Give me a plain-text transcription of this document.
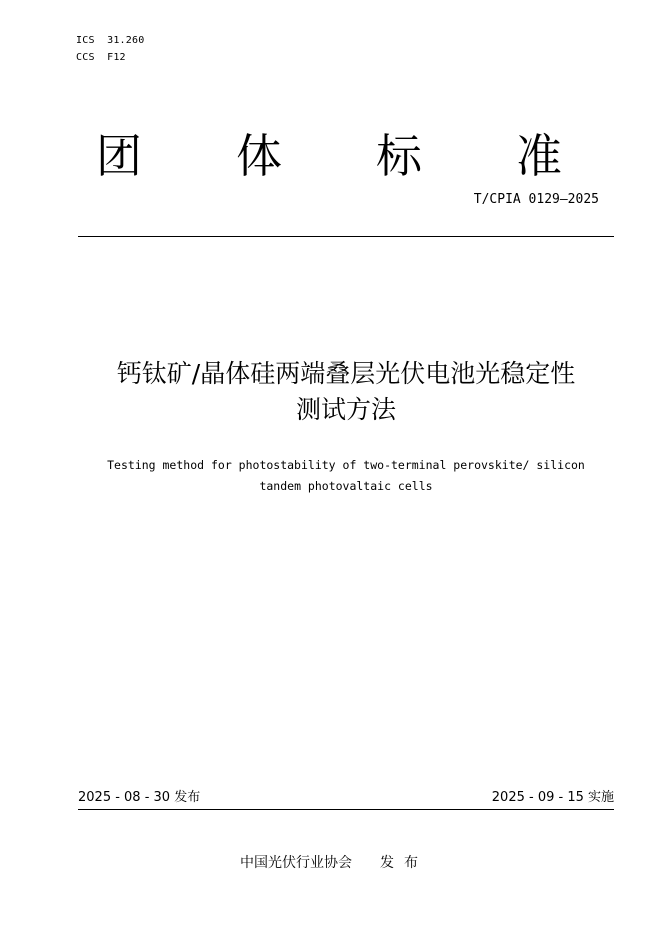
ICS  31.260
CCS  F12
团 体 标 准
T/CPIA 0129—2025
钙钛矿/晶体硅两端叠层光伏电池光稳定性
测试方法
Testing method for photostability of two-terminal perovskite/ silicon
tandem photovaltaic cells
2025 - 08 - 30 发布	2025 - 09 - 15 实施
中国光伏行业协会 发布
